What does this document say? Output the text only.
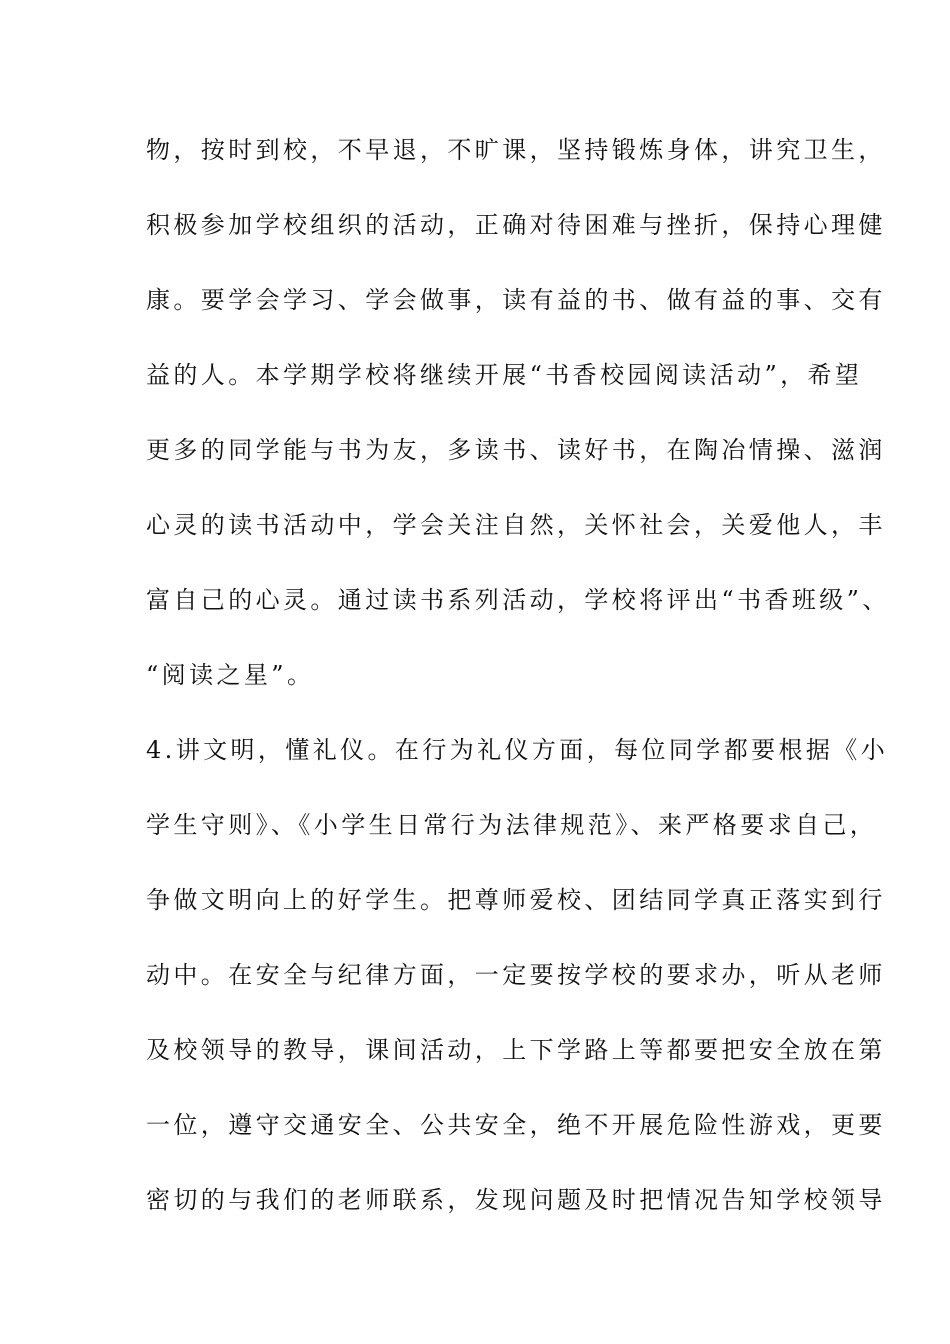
物，按时到校，不早退，不旷课，坚持锻炼身体，讲究卫生，
积极参加学校组织的活动，正确对待困难与挫折，保持心理健
康。要学会学习、学会做事，读有益的书、做有益的事、交有
益的人。本学期学校将继续开展“书香校园阅读活动”，希望
更多的同学能与书为友，多读书、读好书，在陶冶情操、滋润
心灵的读书活动中，学会关注自然，关怀社会，关爱他人，丰
富自己的心灵。通过读书系列活动，学校将评出“书香班级”、
“阅读之星”。
4.讲文明，懂礼仪。在行为礼仪方面，每位同学都要根据《小
学生守则》、《小学生日常行为法律规范》、来严格要求自己，
争做文明向上的好学生。把尊师爱校、团结同学真正落实到行
动中。在安全与纪律方面，一定要按学校的要求办，听从老师
及校领导的教导，课间活动，上下学路上等都要把安全放在第
一位，遵守交通安全、公共安全，绝不开展危险性游戏，更要
密切的与我们的老师联系，发现问题及时把情况告知学校领导
